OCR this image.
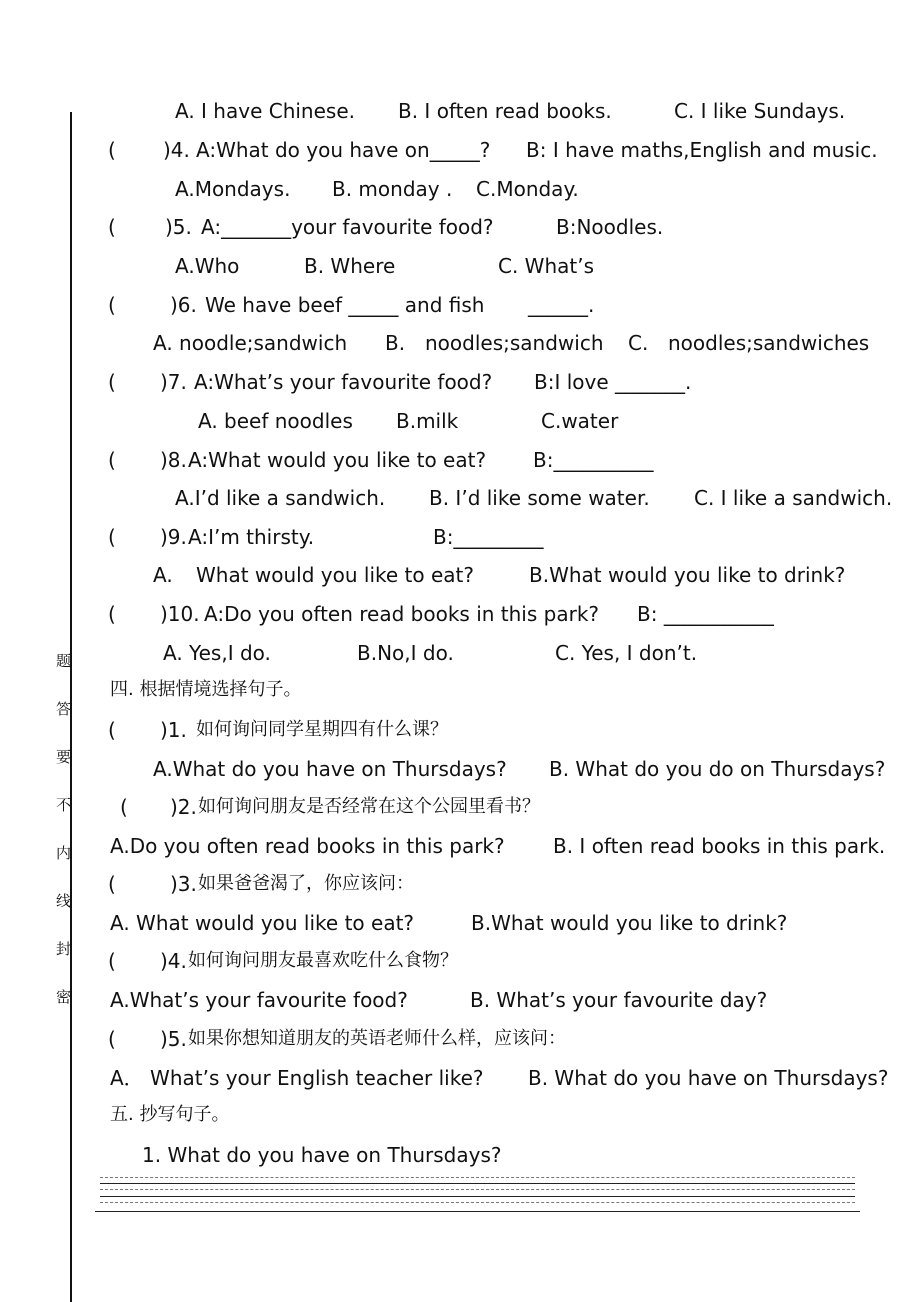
题
答
要
不
内
线
封
密
A. I have Chinese. B. I often read books.	C. I like Sundays.
( )4. A:What do you have on_____? B: I have maths,English and music.
A.Mondays. B. monday . C.Monday.
( )5. A:_______your favourite food?	B:Noodles.
A.Who	B. Where	C. What’s
(	)6. We have beef _____ and fish ______.
A. noodle;sandwich B. noodles;sandwich C. noodles;sandwiches
( )7. A:What’s your favourite food? B:I love _______.
A. beef noodles B.milk	C.water
( )8. A:What would you like to eat? B:__________
A.I’d like a sandwich. B. I’d like some water. C. I like a sandwich.
( )9. A:I’m thirsty.	B:_________
A. What would you like to eat?	B.What would you like to drink?
( )10. A:Do you often read books in this park? B: ___________
A. Yes,I do.	B.No,I do.	C. Yes, I don’t.
四. 根据情境选择句子。
( )1. 如何询问同学星期四有什么课？
A.What do you have on Thursdays? B. What do you do on Thursdays?
( )2. 如何询问朋友是否经常在这个公园里看书？
A.Do you often read books in this park? B. I often read books in this park.
(	)3. 如果爸爸渴了，你应该问：
A. What would you like to eat?	B.What would you like to drink?
( )4. 如何询问朋友最喜欢吃什么食物？
A.What’s your favourite food?	B. What’s your favourite day?
( )5. 如果你想知道朋友的英语老师什么样，应该问：
A． What’s your English teacher like? B. What do you have on Thursdays?
五. 抄写句子。
1. What do you have on Thursdays?
